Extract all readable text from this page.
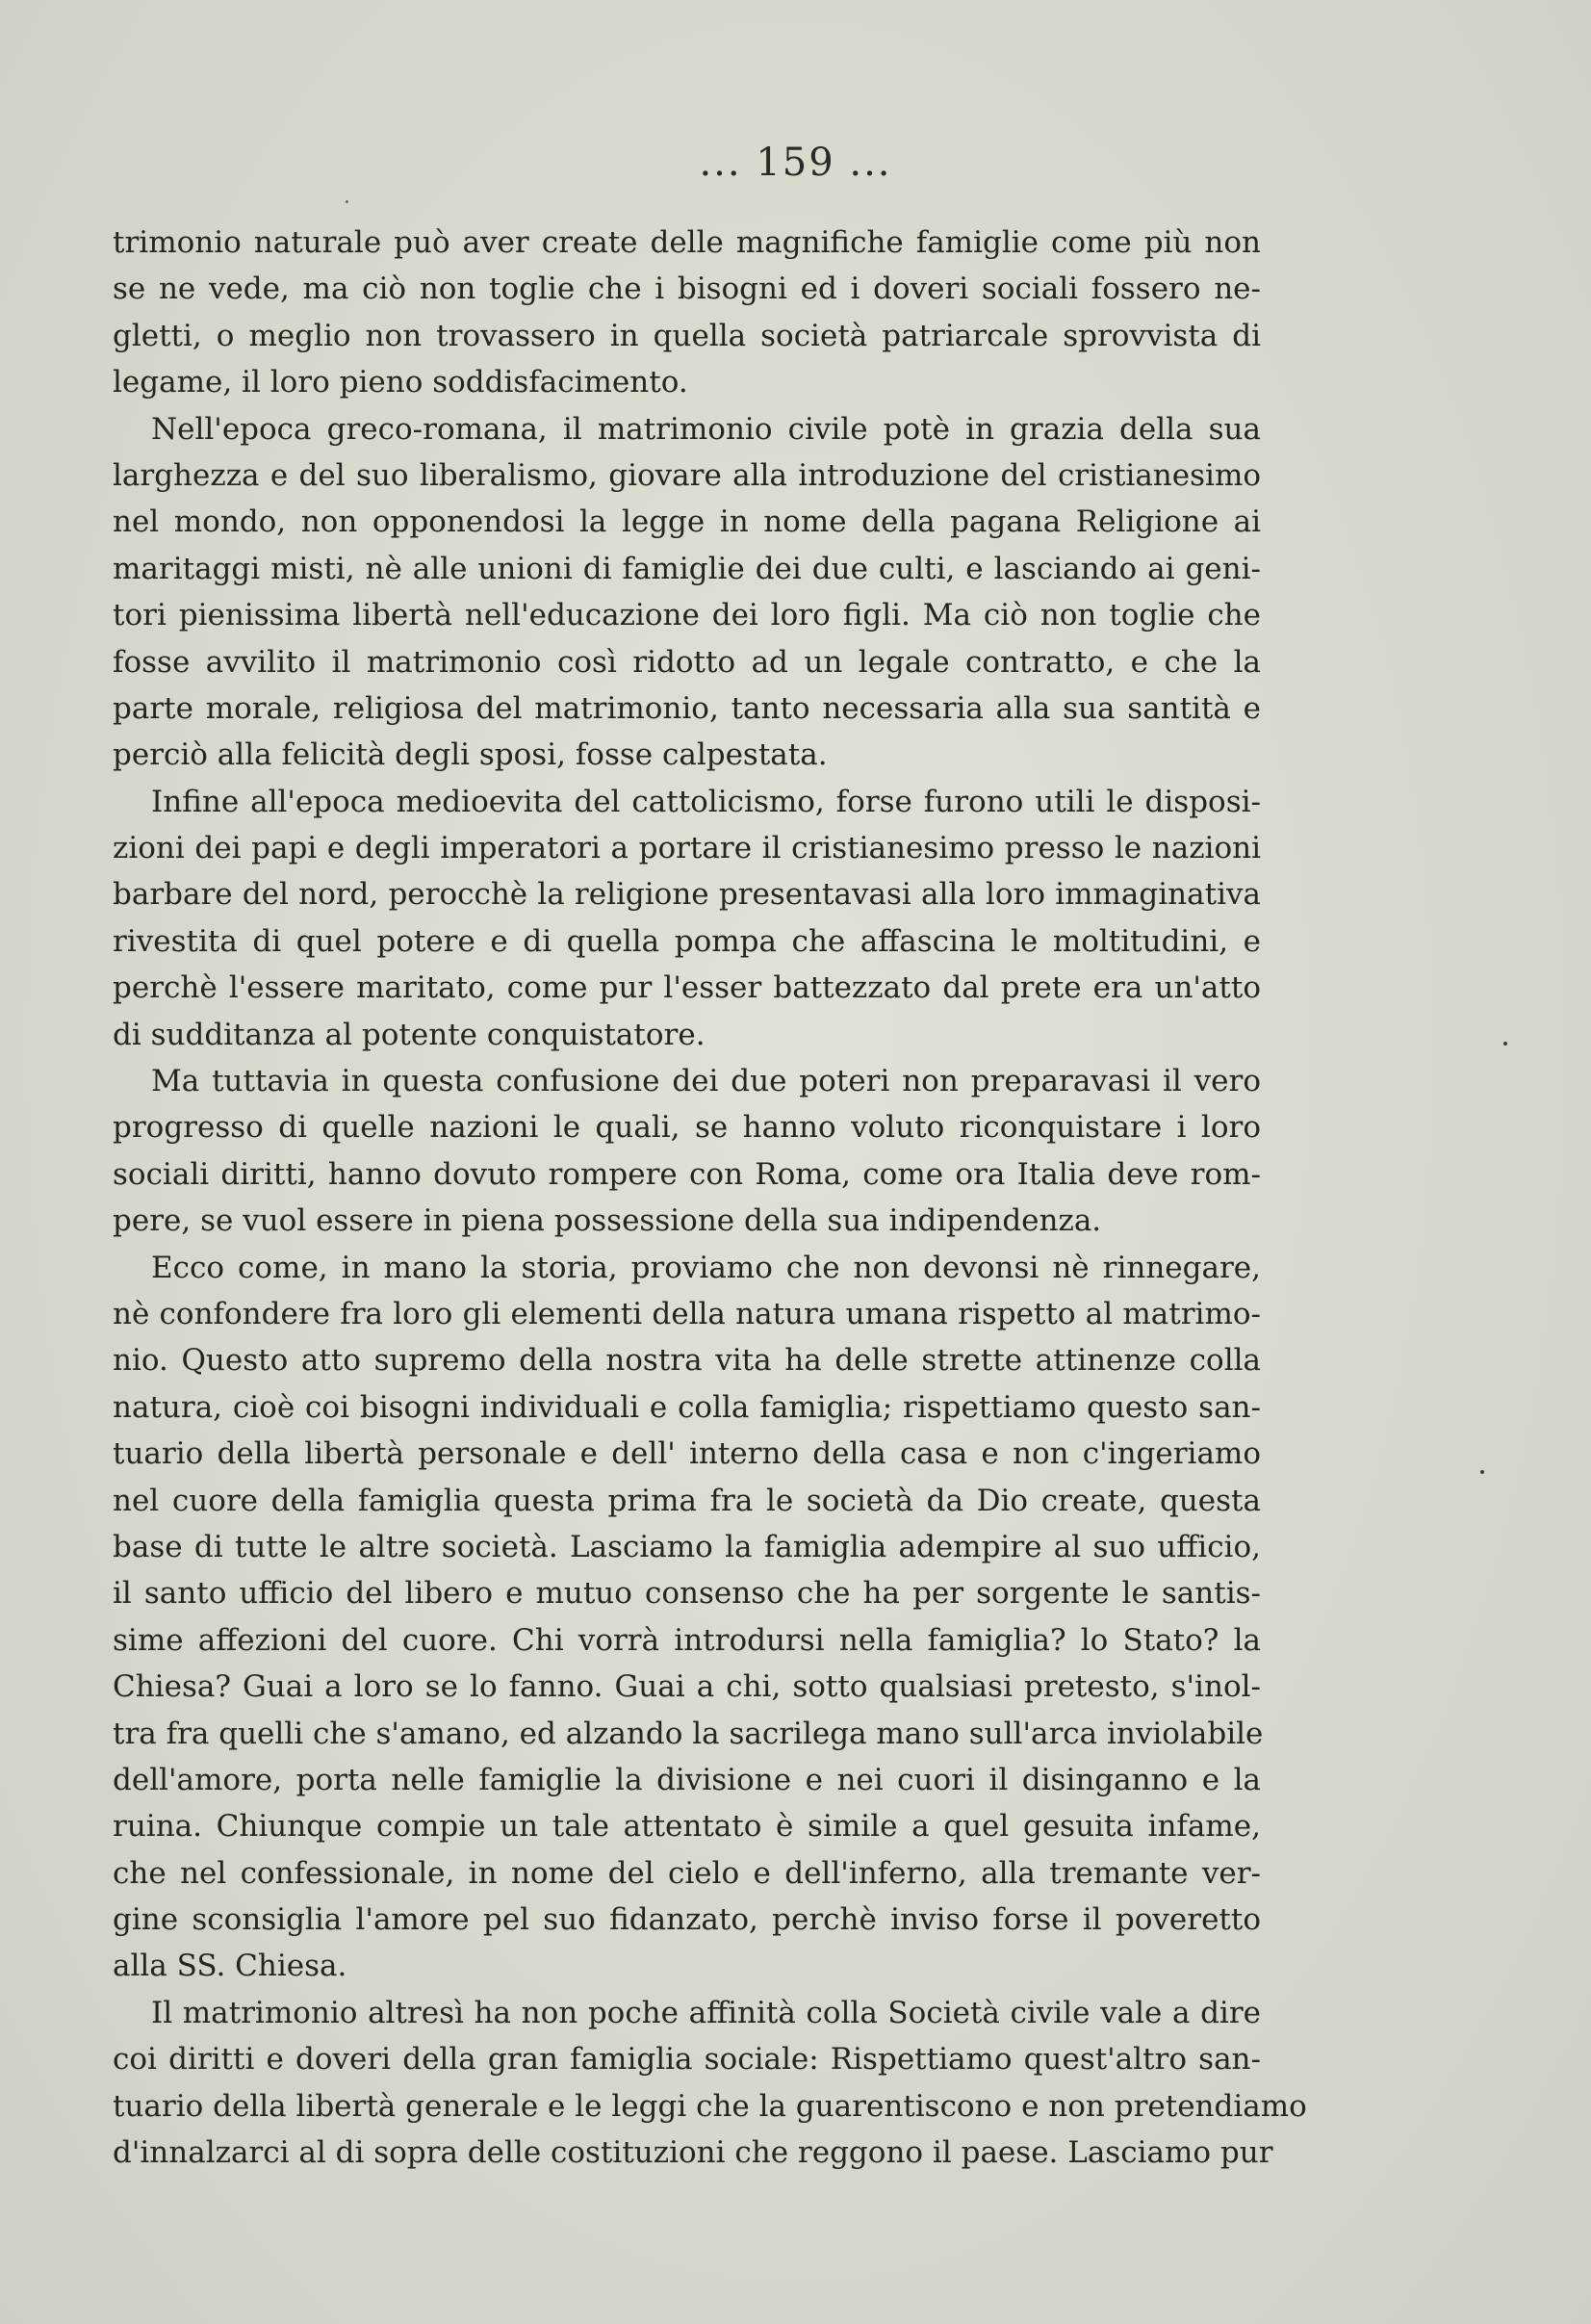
... 159 ...
trimonio naturale può aver create delle magnifiche famiglie come più non
se ne vede, ma ciò non toglie che i bisogni ed i doveri sociali fossero ne-
gletti, o meglio non trovassero in quella società patriarcale sprovvista di
legame, il loro pieno soddisfacimento.
Nell'epoca greco-romana, il matrimonio civile potè in grazia della sua
larghezza e del suo liberalismo, giovare alla introduzione del cristianesimo
nel mondo, non opponendosi la legge in nome della pagana Religione ai
maritaggi misti, nè alle unioni di famiglie dei due culti, e lasciando ai geni-
tori pienissima libertà nell'educazione dei loro figli. Ma ciò non toglie che
fosse avvilito il matrimonio così ridotto ad un legale contratto, e che la
parte morale, religiosa del matrimonio, tanto necessaria alla sua santità e
perciò alla felicità degli sposi, fosse calpestata.
Infine all'epoca medioevita del cattolicismo, forse furono utili le disposi-
zioni dei papi e degli imperatori a portare il cristianesimo presso le nazioni
barbare del nord, perocchè la religione presentavasi alla loro immaginativa
rivestita di quel potere e di quella pompa che affascina le moltitudini, e
perchè l'essere maritato, come pur l'esser battezzato dal prete era un'atto
di sudditanza al potente conquistatore.
Ma tuttavia in questa confusione dei due poteri non preparavasi il vero
progresso di quelle nazioni le quali, se hanno voluto riconquistare i loro
sociali diritti, hanno dovuto rompere con Roma, come ora Italia deve rom-
pere, se vuol essere in piena possessione della sua indipendenza.
Ecco come, in mano la storia, proviamo che non devonsi nè rinnegare,
nè confondere fra loro gli elementi della natura umana rispetto al matrimo-
nio. Questo atto supremo della nostra vita ha delle strette attinenze colla
natura, cioè coi bisogni individuali e colla famiglia; rispettiamo questo san-
tuario della libertà personale e dell' interno della casa e non c'ingeriamo
nel cuore della famiglia questa prima fra le società da Dio create, questa
base di tutte le altre società. Lasciamo la famiglia adempire al suo ufficio,
il santo ufficio del libero e mutuo consenso che ha per sorgente le santis-
sime affezioni del cuore. Chi vorrà introdursi nella famiglia? lo Stato? la
Chiesa? Guai a loro se lo fanno. Guai a chi, sotto qualsiasi pretesto, s'inol-
tra fra quelli che s'amano, ed alzando la sacrilega mano sull'arca inviolabile
dell'amore, porta nelle famiglie la divisione e nei cuori il disinganno e la
ruina. Chiunque compie un tale attentato è simile a quel gesuita infame,
che nel confessionale, in nome del cielo e dell'inferno, alla tremante ver-
gine sconsiglia l'amore pel suo fidanzato, perchè inviso forse il poveretto
alla SS. Chiesa.
Il matrimonio altresì ha non poche affinità colla Società civile vale a dire
coi diritti e doveri della gran famiglia sociale: Rispettiamo quest'altro san-
tuario della libertà generale e le leggi che la guarentiscono e non pretendiamo
d'innalzarci al di sopra delle costituzioni che reggono il paese. Lasciamo pur
